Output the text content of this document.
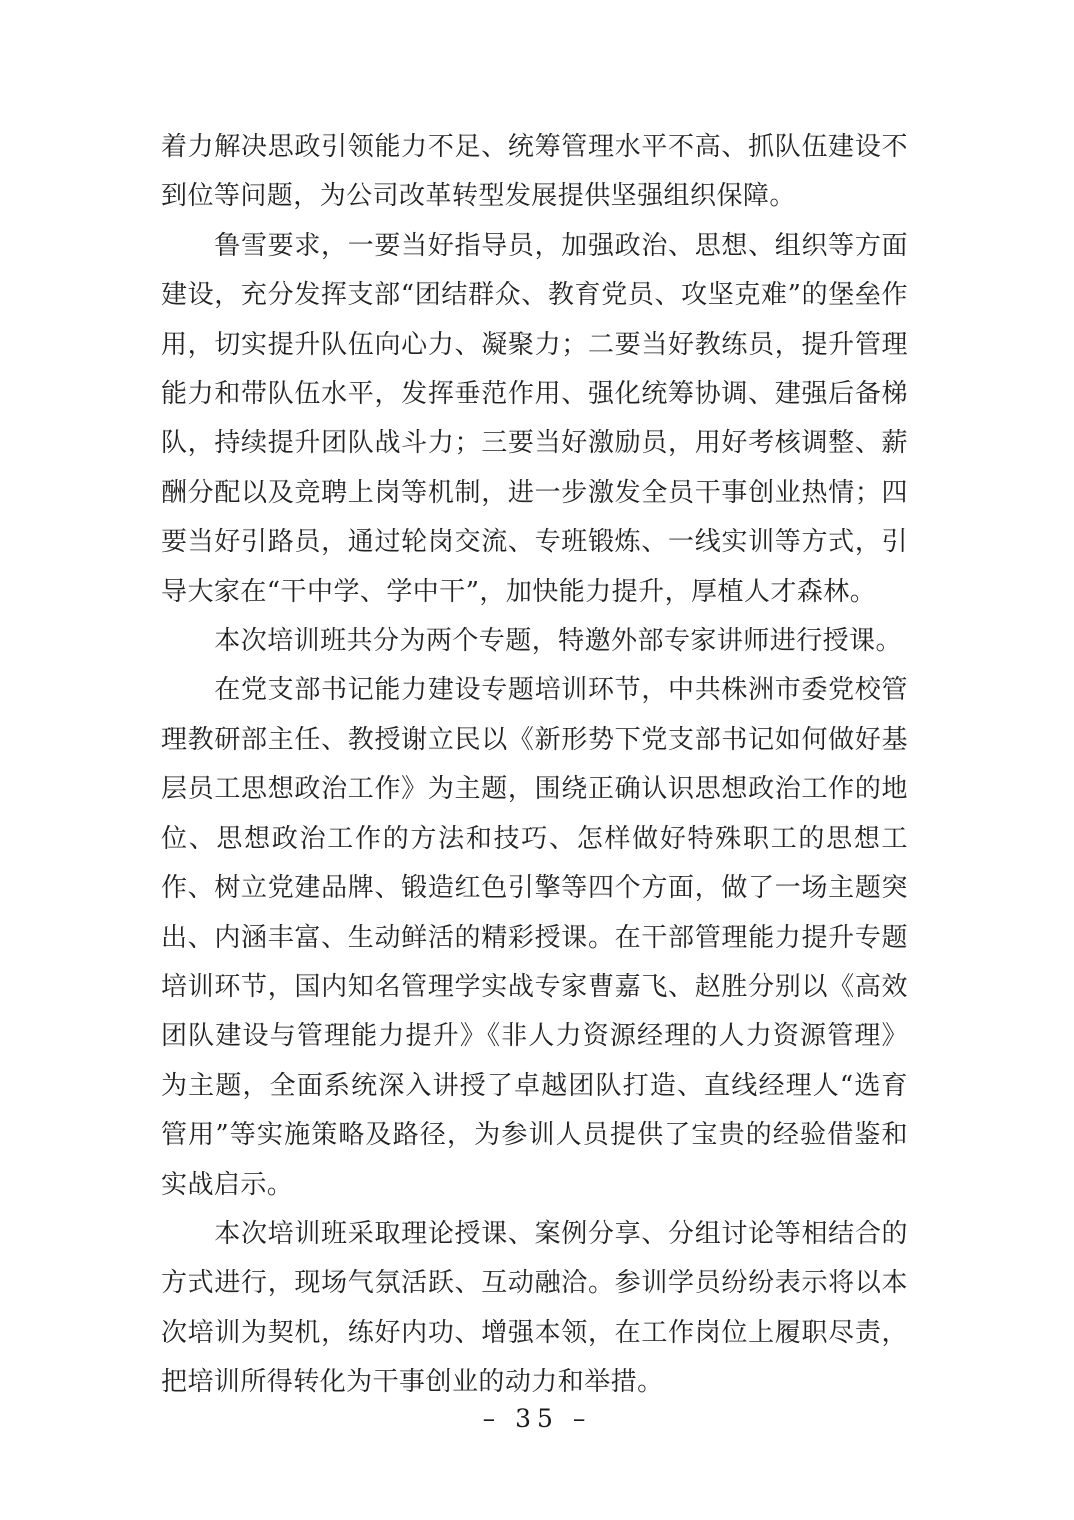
着力解决思政引领能力不足、统筹管理水平不高、抓队伍建设不到位等问题，为公司改革转型发展提供坚强组织保障。

鲁雪要求，一要当好指导员，加强政治、思想、组织等方面建设，充分发挥支部“团结群众、教育党员、攻坚克难”的堡垒作用，切实提升队伍向心力、凝聚力；二要当好教练员，提升管理能力和带队伍水平，发挥垂范作用、强化统筹协调、建强后备梯队，持续提升团队战斗力；三要当好激励员，用好考核调整、薪酬分配以及竞聘上岗等机制，进一步激发全员干事创业热情；四要当好引路员，通过轮岗交流、专班锻炼、一线实训等方式，引导大家在“干中学、学中干”，加快能力提升，厚植人才森林。

本次培训班共分为两个专题，特邀外部专家讲师进行授课。

在党支部书记能力建设专题培训环节，中共株洲市委党校管理教研部主任、教授谢立民以《新形势下党支部书记如何做好基层员工思想政治工作》为主题，围绕正确认识思想政治工作的地位、思想政治工作的方法和技巧、怎样做好特殊职工的思想工作、树立党建品牌、锻造红色引擎等四个方面，做了一场主题突出、内涵丰富、生动鲜活的精彩授课。在干部管理能力提升专题培训环节，国内知名管理学实战专家曹嘉飞、赵胜分别以《高效团队建设与管理能力提升》《非人力资源经理的人力资源管理》为主题，全面系统深入讲授了卓越团队打造、直线经理人“选育管用”等实施策略及路径，为参训人员提供了宝贵的经验借鉴和实战启示。

本次培训班采取理论授课、案例分享、分组讨论等相结合的方式进行，现场气氛活跃、互动融洽。参训学员纷纷表示将以本次培训为契机，练好内功、增强本领，在工作岗位上履职尽责，把培训所得转化为干事创业的动力和举措。

– 35 –
